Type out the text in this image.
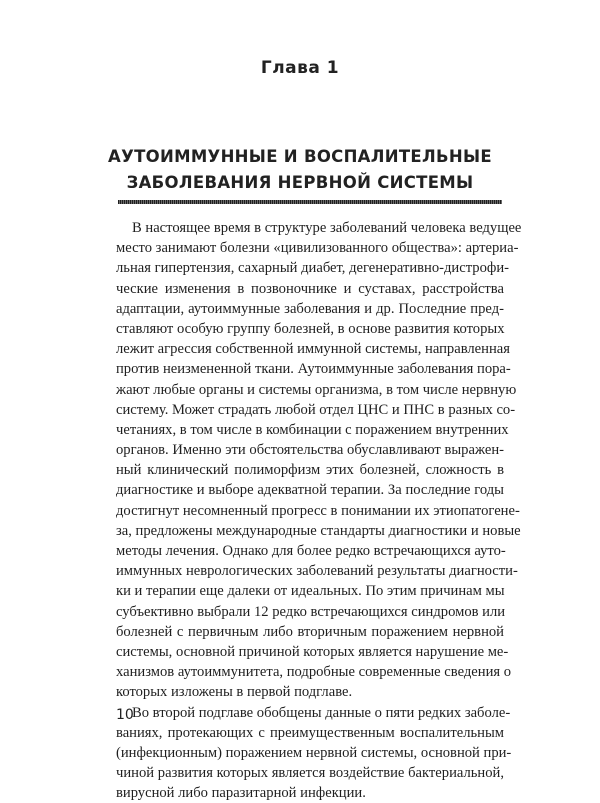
Глава 1
АУТОИММУННЫЕ И ВОСПАЛИТЕЛЬНЫЕ
ЗАБОЛЕВАНИЯ НЕРВНОЙ СИСТЕМЫ
В настоящее время в структуре заболеваний человека ведущее
место занимают болезни «цивилизованного общества»: артериа-
льная гипертензия, сахарный диабет, дегенеративно-дистрофи-
ческие изменения в позвоночнике и суставах, расстройства
адаптации, аутоиммунные заболевания и др. Последние пред-
ставляют особую группу болезней, в основе развития которых
лежит агрессия собственной иммунной системы, направленная
против неизмененной ткани. Аутоиммунные заболевания пора-
жают любые органы и системы организма, в том числе нервную
систему. Может страдать любой отдел ЦНС и ПНС в разных со-
четаниях, в том числе в комбинации с поражением внутренних
органов. Именно эти обстоятельства обуславливают выражен-
ный клинический полиморфизм этих болезней, сложность в
диагностике и выборе адекватной терапии. За последние годы
достигнут несомненный прогресс в понимании их этиопатогене-
за, предложены международные стандарты диагностики и новые
методы лечения. Однако для более редко встречающихся ауто-
иммунных неврологических заболеваний результаты диагности-
ки и терапии еще далеки от идеальных. По этим причинам мы
субъективно выбрали 12 редко встречающихся синдромов или
болезней с первичным либо вторичным поражением нервной
системы, основной причиной которых является нарушение ме-
ханизмов аутоиммунитета, подробные современные сведения о
которых изложены в первой подглаве.
Во второй подглаве обобщены данные о пяти редких заболе-
ваниях, протекающих с преимущественным воспалительным
(инфекционным) поражением нервной системы, основной при-
чиной развития которых является воздействие бактериальной,
вирусной либо паразитарной инфекции.
10
